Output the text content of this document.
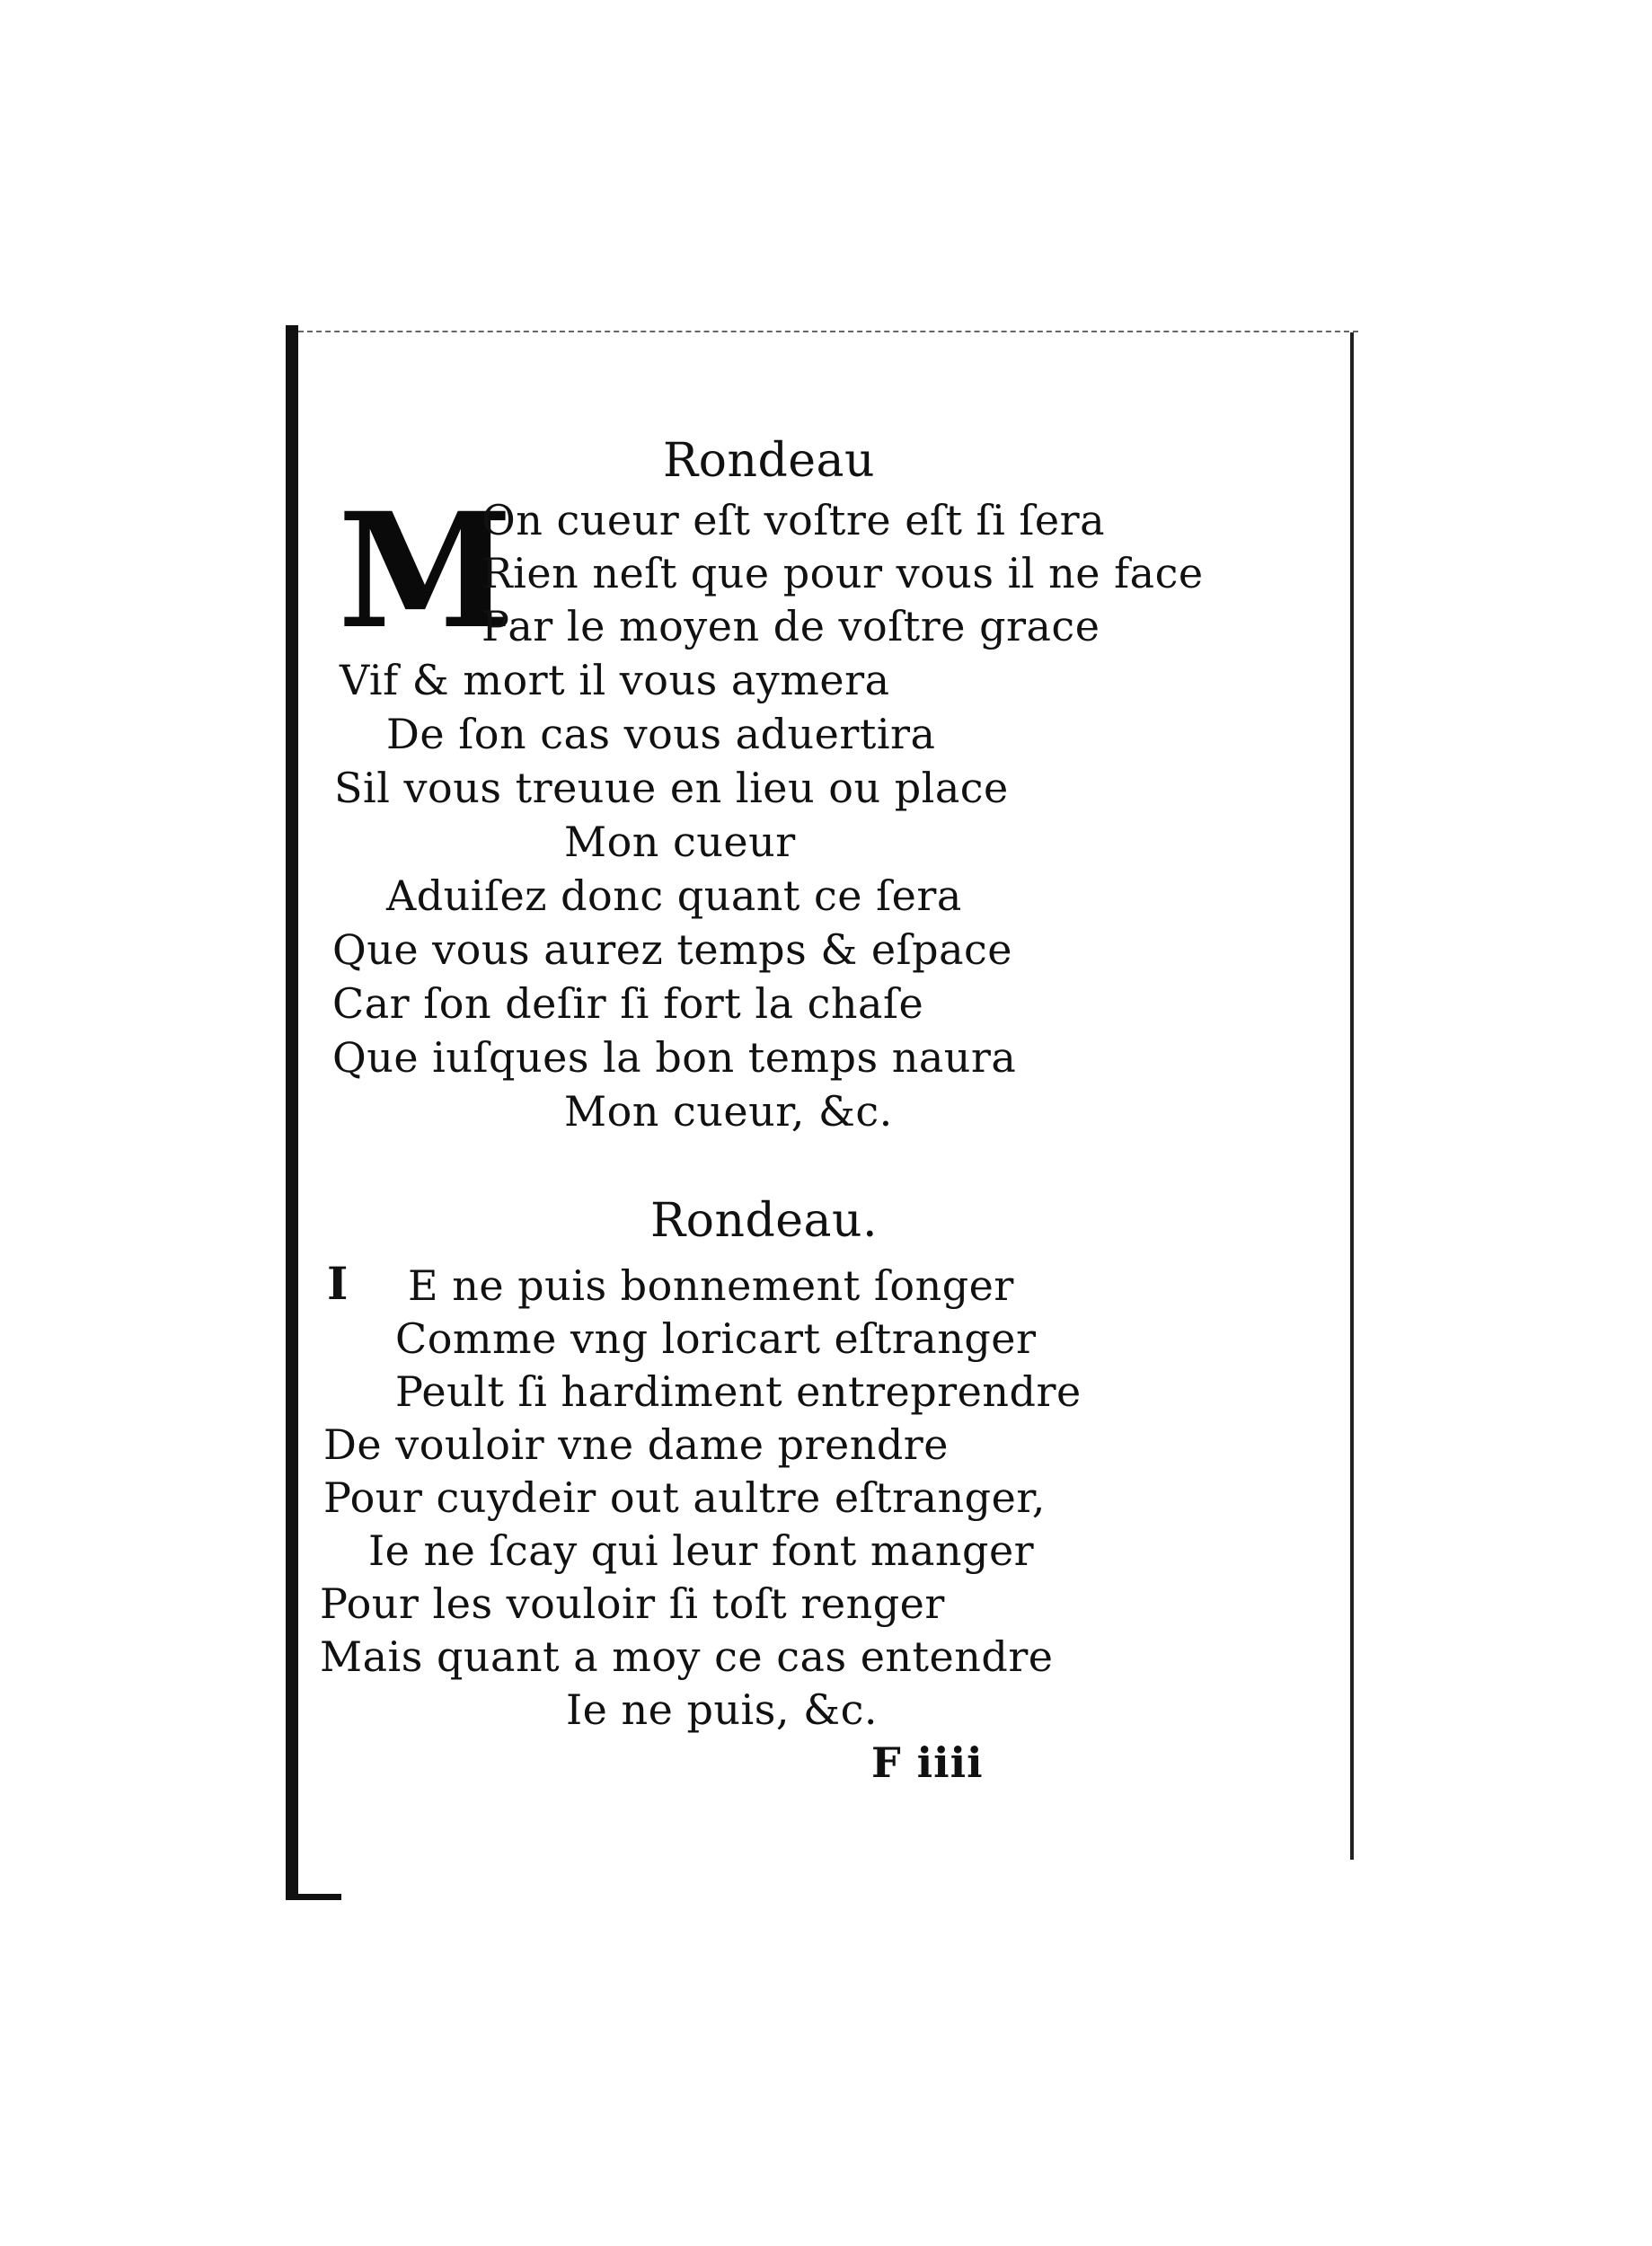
Rondeau
M
On cueur eſt voſtre eſt ſi ſera
Rien neſt que pour vous il ne face
Par le moyen de voſtre grace
Vif & mort il vous aymera
De ſon cas vous aduertira
Sil vous treuue en lieu ou place
Mon cueur
Aduiſez donc quant ce ſera
Que vous aurez temps & eſpace
Car ſon deſir ſi fort la chaſe
Que iuſques la bon temps naura
Mon cueur, &c.
Rondeau.
I E ne puis bonnement ſonger
Comme vng loricart eſtranger
Peult ſi hardiment entreprendre
De vouloir vne dame prendre
Pour cuydeir out aultre eſtranger,
Ie ne ſcay qui leur font manger
Pour les vouloir ſi toſt renger
Mais quant a moy ce cas entendre
Ie ne puis, &c.
F iiii
